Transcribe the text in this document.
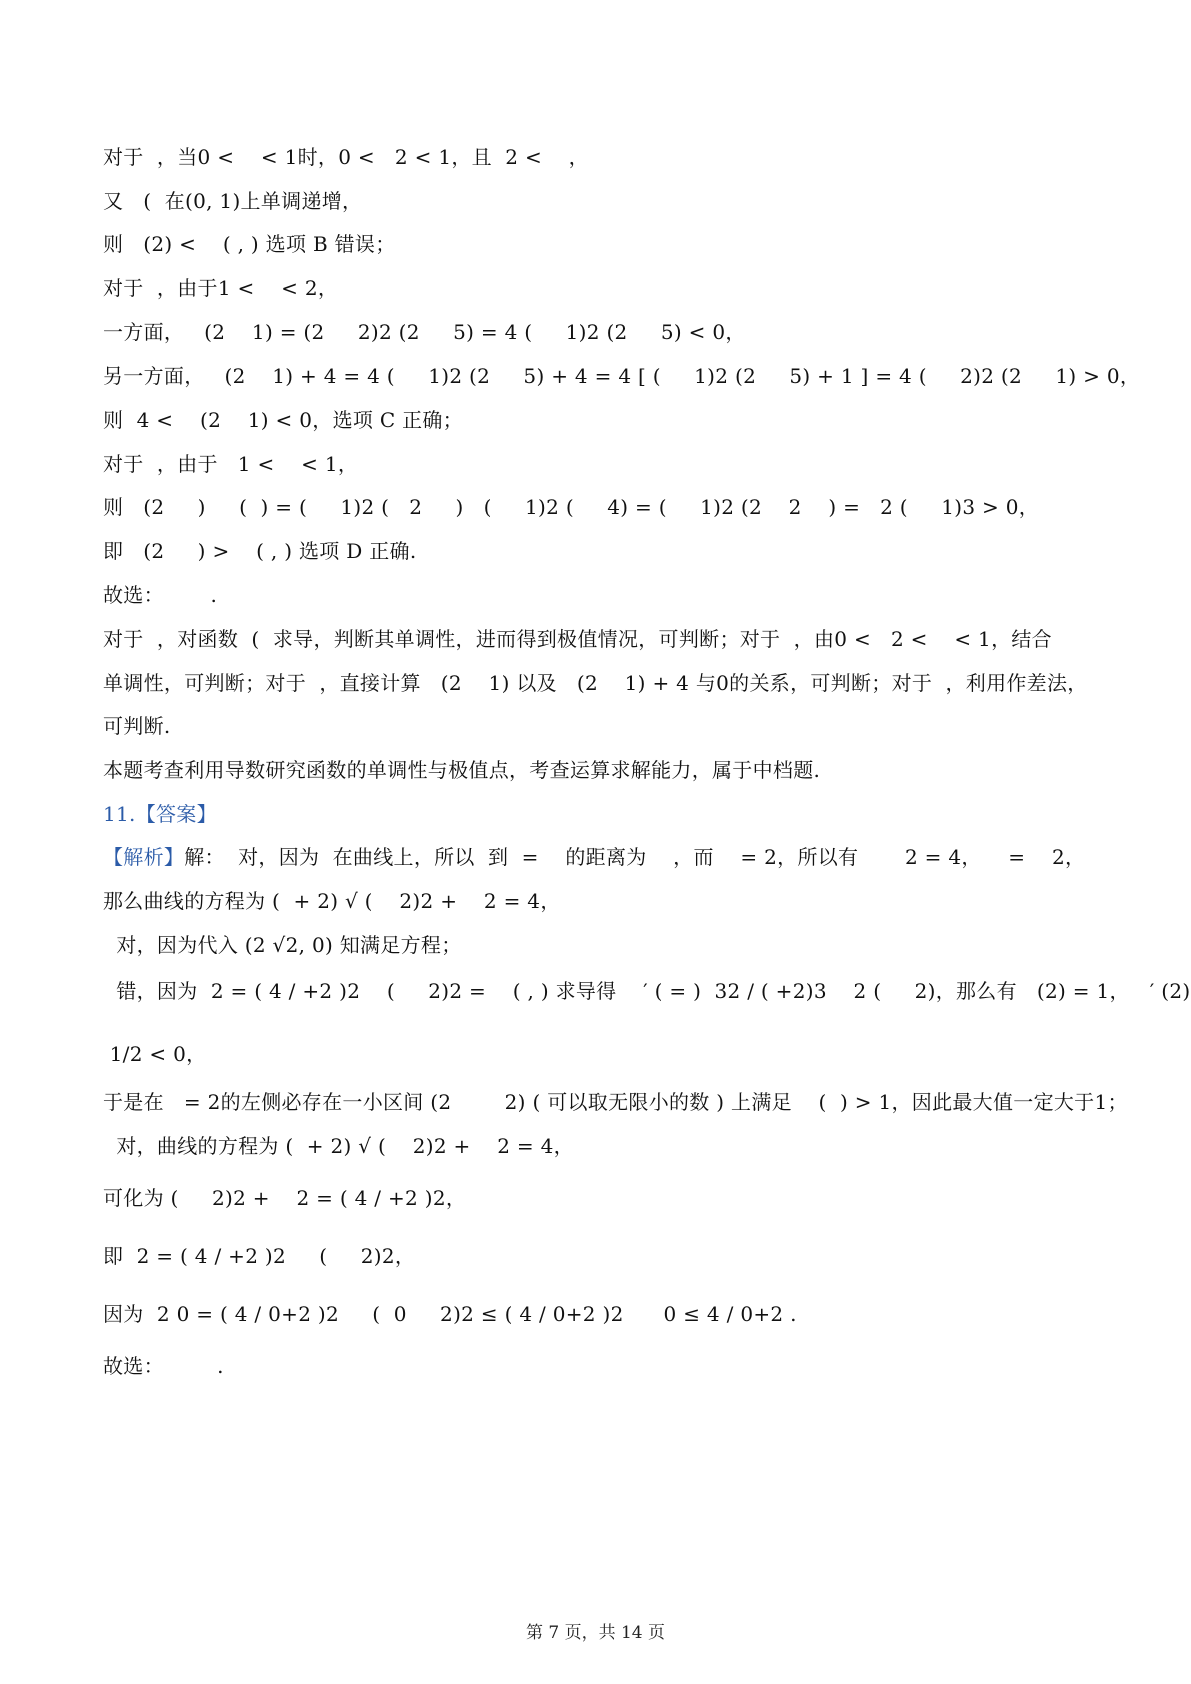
对于  ，当0 <    < 1时，0 <   2 < 1，且  2 <    ，
又   (  在(0, 1)上单调递增，
则   (2) <    ( , ) 选项 B 错误；
对于  ，由于1 <    < 2，
一方面，   (2    1) = (2     2)2 (2     5) = 4 (     1)2 (2     5) < 0，
另一方面，   (2    1) + 4 = 4 (     1)2 (2     5) + 4 = 4 [ (     1)2 (2     5) + 1 ] = 4 (     2)2 (2     1) > 0，
则  4 <    (2    1) < 0，选项 C 正确；
对于  ，由于   1 <    < 1，
则   (2     )     (  ) = (     1)2 (   2     )   (     1)2 (     4) = (     1)2 (2    2    ) =   2 (     1)3 > 0，
即   (2     ) >    ( , ) 选项 D 正确.
故选：       .
对于  ，对函数  (  求导，判断其单调性，进而得到极值情况，可判断；对于  ，由0 <   2 <    < 1，结合
单调性，可判断；对于  ，直接计算   (2    1) 以及   (2    1) + 4 与0的关系，可判断；对于  ，利用作差法，
可判断.
本题考查利用导数研究函数的单调性与极值点，考查运算求解能力，属于中档题.
11.【答案】
【解析】解：  对，因为  在曲线上，所以  到  =    的距离为    ，而    = 2，所以有       2 = 4，    =    2，
那么曲线的方程为 (  + 2) √ (    2)2 +    2 = 4，
对，因为代入 (2 √2, 0) 知满足方程；
错，因为  2 = ( 4 / +2 )2    (     2)2 =    ( , ) 求导得    ′ ( = )  32 / ( +2)3    2 (     2)，那么有   (2) = 1，   ′ (2)
1/2 < 0，
于是在   = 2的左侧必存在一小区间 (2        2) ( 可以取无限小的数 ) 上满足    (  ) > 1，因此最大值一定大于1；
对，曲线的方程为 (  + 2) √ (    2)2 +    2 = 4，
可化为 (     2)2 +    2 = ( 4 / +2 )2，
即  2 = ( 4 / +2 )2     (     2)2，
因为  2 0 = ( 4 / 0+2 )2     (  0     2)2 ≤ ( 4 / 0+2 )2      0 ≤ 4 / 0+2 .
故选：        .
第 7 页，共 14 页
